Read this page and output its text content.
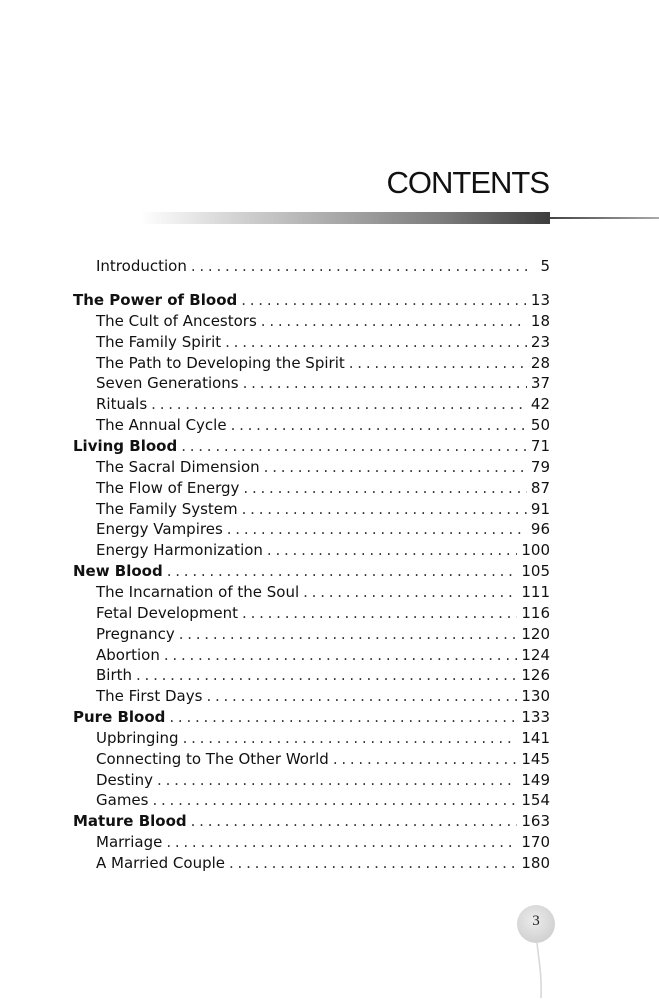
CONTENTS
Introduction . . .	5
The Power of Blood . . .	13
The Cult of Ancestors . . .	18
The Family Spirit . . .	23
The Path to Developing the Spirit . . .	28
Seven Generations . . .	37
Rituals . . .	42
The Annual Cycle . . .	50
Living Blood . . .	71
The Sacral Dimension . . .	79
The Flow of Energy . . .	87
The Family System . . .	91
Energy Vampires . . .	96
Energy Harmonization . . .	100
New Blood . . .	105
The Incarnation of the Soul . . .	111
Fetal Development . . .	116
Pregnancy . . .	120
Abortion . . .	124
Birth . . .	126
The First Days . . .	130
Pure Blood . . .	133
Upbringing . . .	141
Connecting to The Other World . . .	145
Destiny . . .	149
Games . . .	154
Mature Blood . . .	163
Marriage . . .	170
A Married Couple . . .	180
3
